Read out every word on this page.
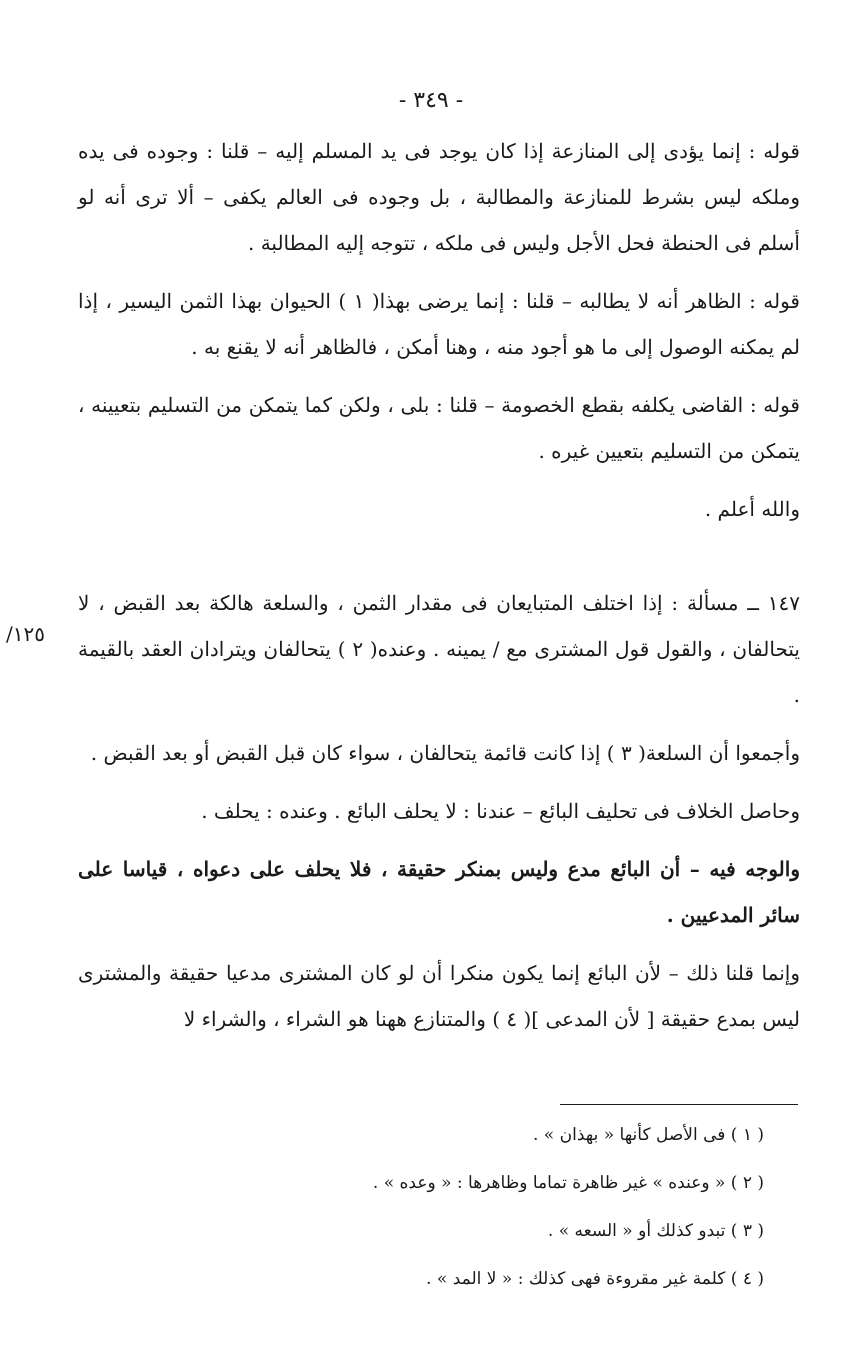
- ٣٤٩ -

قوله : إنما يؤدى إلى المنازعة إذا كان يوجد فى يد المسلم إليه – قلنا : وجوده فى يده وملكه ليس بشرط للمنازعة والمطالبة ، بل وجوده فى العالم يكفى – ألا ترى أنه لو أسلم فى الحنطة فحل الأجل وليس فى ملكه ، تتوجه إليه المطالبة .

قوله : الظاهر أنه لا يطالبه – قلنا : إنما يرضى بهذا( ١ ) الحيوان بهذا الثمن اليسير ، إذا لم يمكنه الوصول إلى ما هو أجود منه ، وهنا أمكن ، فالظاهر أنه لا يقنع به .

قوله : القاضى يكلفه بقطع الخصومة – قلنا : بلى ، ولكن كما يتمكن من التسليم بتعيينه ، يتمكن من التسليم بتعيين غيره .

والله أعلم .

١٤٧ ــ مسألة : إذا اختلف المتبايعان فى مقدار الثمن ، والسلعة هالكة بعد القبض ، لا يتحالفان ، والقول قول المشترى مع / يمينه . وعنده( ٢ ) يتحالفان ويترادان العقد بالقيمة .

وأجمعوا أن السلعة( ٣ ) إذا كانت قائمة يتحالفان ، سواء كان قبل القبض أو بعد القبض .

وحاصل الخلاف فى تحليف البائع – عندنا : لا يحلف البائع . وعنده : يحلف .

والوجه فيه – أن البائع مدع وليس بمنكر حقيقة ، فلا يحلف على دعواه ، قياسا على سائر المدعيين .

وإنما قلنا ذلك – لأن البائع إنما يكون منكرا أن لو كان المشترى مدعيا حقيقة والمشترى ليس بمدع حقيقة [ لأن المدعى ]( ٤ ) والمتنازع ههنا هو الشراء ، والشراء لا

١٢٥/
( ١ ) فى الأصل كأنها « بهذان » .
( ٢ ) « وعنده » غير ظاهرة تماما وظاهرها : « وعده » .
( ٣ ) تبدو كذلك أو « السعه » .
( ٤ ) كلمة غير مقروءة فهى كذلك : « لا المد » .
